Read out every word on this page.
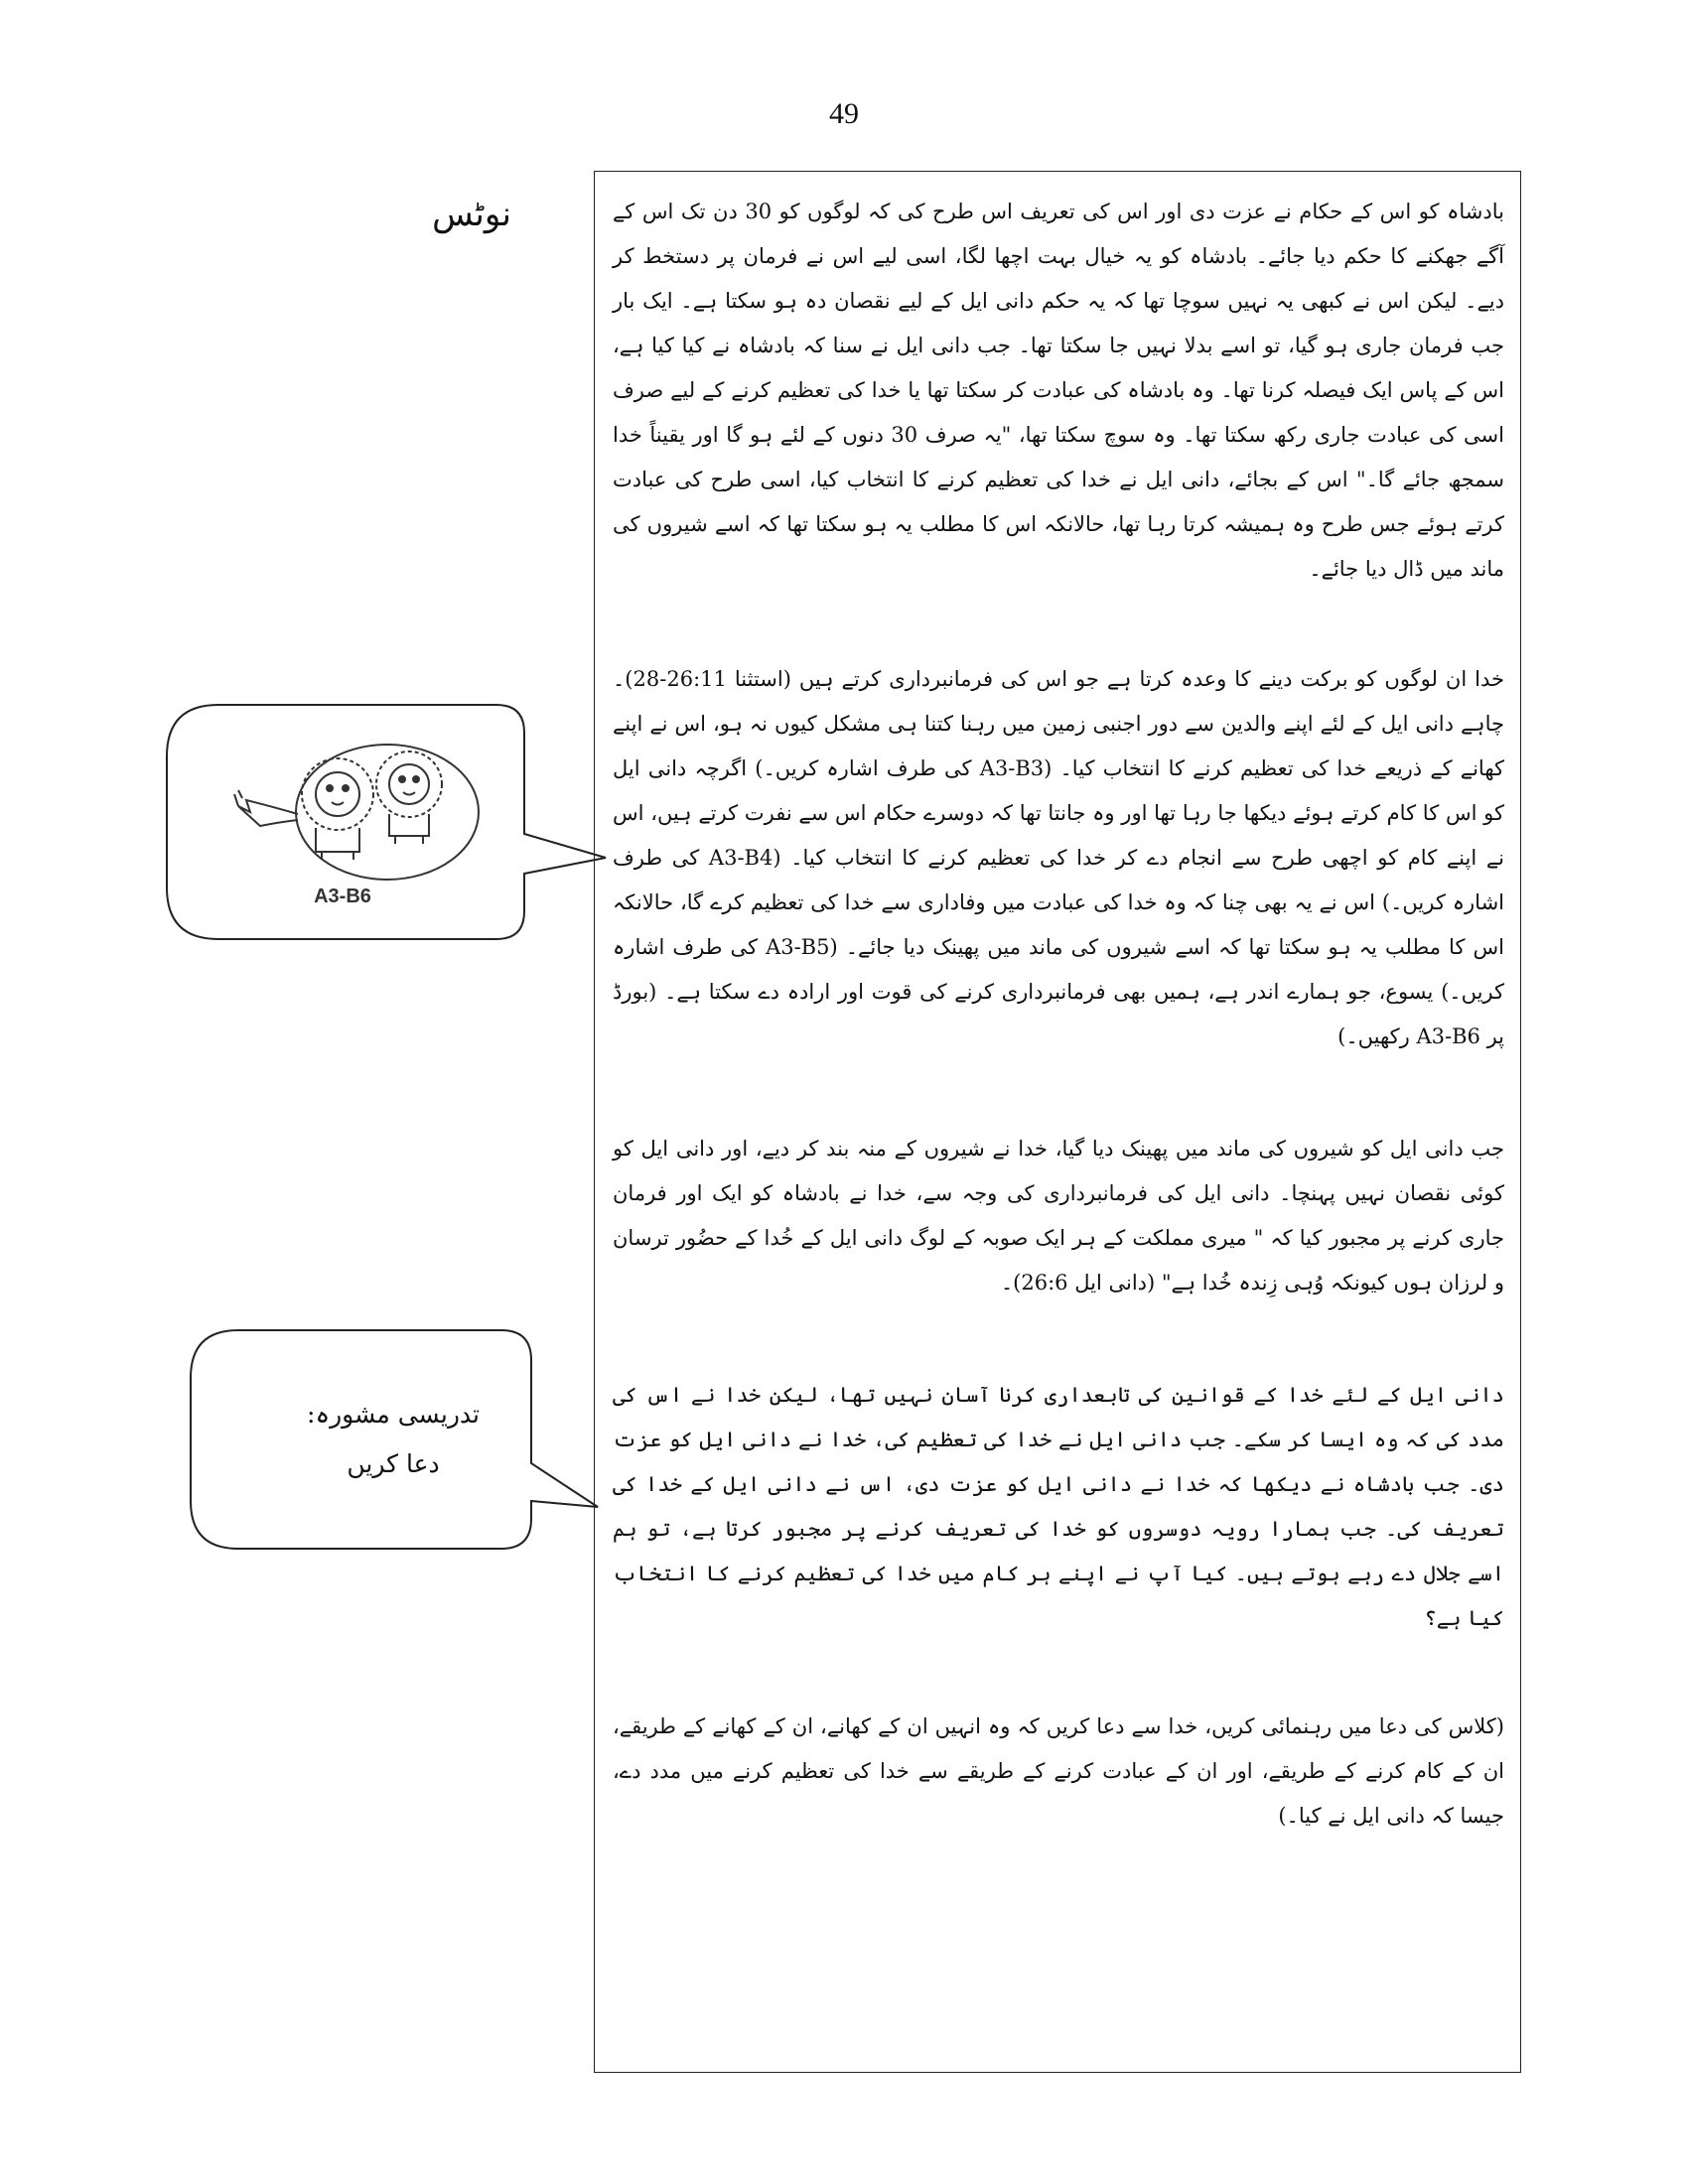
49
نوٹس
A3-B6
تدریسی مشورہ:
دعا کریں

بادشاہ کو اس کے حکام نے عزت دی اور اس کی تعریف اس طرح کی کہ لوگوں کو 30 دن تک اس کے آگے جھکنے کا حکم دیا جائے۔ بادشاہ کو یہ خیال بہت اچھا لگا، اسی لیے اس نے فرمان پر دستخط کر دیے۔ لیکن اس نے کبھی یہ نہیں سوچا تھا کہ یہ حکم دانی ایل کے لیے نقصان دہ ہو سکتا ہے۔ ایک بار جب فرمان جاری ہو گیا، تو اسے بدلا نہیں جا سکتا تھا۔ جب دانی ایل نے سنا کہ بادشاہ نے کیا کیا ہے، اس کے پاس ایک فیصلہ کرنا تھا۔ وہ بادشاہ کی عبادت کر سکتا تھا یا خدا کی تعظیم کرنے کے لیے صرف اسی کی عبادت جاری رکھ سکتا تھا۔ وہ سوچ سکتا تھا، "یہ صرف 30 دنوں کے لئے ہو گا اور یقیناً خدا سمجھ جائے گا۔" اس کے بجائے، دانی ایل نے خدا کی تعظیم کرنے کا انتخاب کیا، اسی طرح کی عبادت کرتے ہوئے جس طرح وہ ہمیشہ کرتا رہا تھا، حالانکہ اس کا مطلب یہ ہو سکتا تھا کہ اسے شیروں کی ماند میں ڈال دیا جائے۔

خدا ان لوگوں کو برکت دینے کا وعدہ کرتا ہے جو اس کی فرمانبرداری کرتے ہیں (استثنا 26:11-28)۔ چاہے دانی ایل کے لئے اپنے والدین سے دور اجنبی زمین میں رہنا کتنا ہی مشکل کیوں نہ ہو، اس نے اپنے کھانے کے ذریعے خدا کی تعظیم کرنے کا انتخاب کیا۔ (A3-B3 کی طرف اشارہ کریں۔) اگرچہ دانی ایل کو اس کا کام کرتے ہوئے دیکھا جا رہا تھا اور وہ جانتا تھا کہ دوسرے حکام اس سے نفرت کرتے ہیں، اس نے اپنے کام کو اچھی طرح سے انجام دے کر خدا کی تعظیم کرنے کا انتخاب کیا۔ (A3-B4 کی طرف اشارہ کریں۔) اس نے یہ بھی چنا کہ وہ خدا کی عبادت میں وفاداری سے خدا کی تعظیم کرے گا، حالانکہ اس کا مطلب یہ ہو سکتا تھا کہ اسے شیروں کی ماند میں پھینک دیا جائے۔ (A3-B5 کی طرف اشارہ کریں۔) یسوع، جو ہمارے اندر ہے، ہمیں بھی فرمانبرداری کرنے کی قوت اور ارادہ دے سکتا ہے۔ (بورڈ پر A3-B6 رکھیں۔)

جب دانی ایل کو شیروں کی ماند میں پھینک دیا گیا، خدا نے شیروں کے منہ بند کر دیے، اور دانی ایل کو کوئی نقصان نہیں پہنچا۔ دانی ایل کی فرمانبرداری کی وجہ سے، خدا نے بادشاہ کو ایک اور فرمان جاری کرنے پر مجبور کیا کہ " میری مملکت کے ہر ایک صوبہ کے لوگ دانی ایل کے خُدا کے حضُور ترسان و لرزان ہوں کیونکہ وُہی زِندہ خُدا ہے" (دانی ایل 26:6)۔

دانی ایل کے لئے خدا کے قوانین کی تابعداری کرنا آسان نہیں تھا، لیکن خدا نے اس کی مدد کی کہ وہ ایسا کر سکے۔ جب دانی ایل نے خدا کی تعظیم کی، خدا نے دانی ایل کو عزت دی۔ جب بادشاہ نے دیکھا کہ خدا نے دانی ایل کو عزت دی، اس نے دانی ایل کے خدا کی تعریف کی۔ جب ہمارا رویہ دوسروں کو خدا کی تعریف کرنے پر مجبور کرتا ہے، تو ہم اسے جلال دے رہے ہوتے ہیں۔ کیا آپ نے اپنے ہر کام میں خدا کی تعظیم کرنے کا انتخاب کیا ہے؟

(کلاس کی دعا میں رہنمائی کریں، خدا سے دعا کریں کہ وہ انہیں ان کے کھانے، ان کے کھانے کے طریقے، ان کے کام کرنے کے طریقے، اور ان کے عبادت کرنے کے طریقے سے خدا کی تعظیم کرنے میں مدد دے، جیسا کہ دانی ایل نے کیا۔)
